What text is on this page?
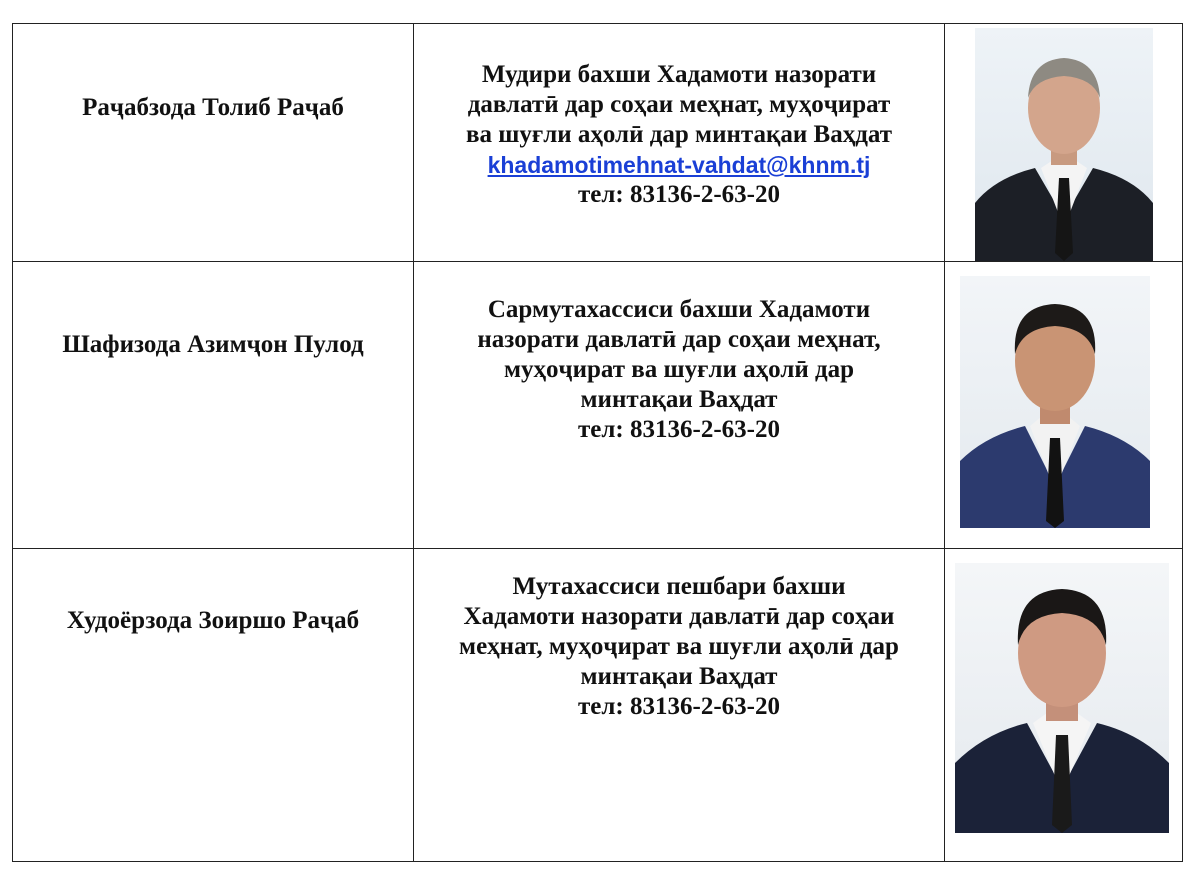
Раҷабзода Толиб Раҷаб	Мудири бахши Хадамоти назорати
давлатӣ дар соҳаи меҳнат, муҳоҷират
ва шуғли аҳолӣ дар минтақаи Ваҳдат
khadamotimehnat-vahdat@khnm.tj
тел: 83136-2-63-20

Шафизода Азимҷон Пулод	Сармутахассиси бахши Хадамоти
назорати давлатӣ дар соҳаи меҳнат,
муҳоҷират ва шуғли аҳолӣ дар
минтақаи Ваҳдат
тел: 83136-2-63-20

Худоёрзода Зоиршо Раҷаб	Мутахассиси пешбари бахши
Хадамоти назорати давлатӣ дар соҳаи
меҳнат, муҳоҷират ва шуғли аҳолӣ дар
минтақаи Ваҳдат
тел: 83136-2-63-20
